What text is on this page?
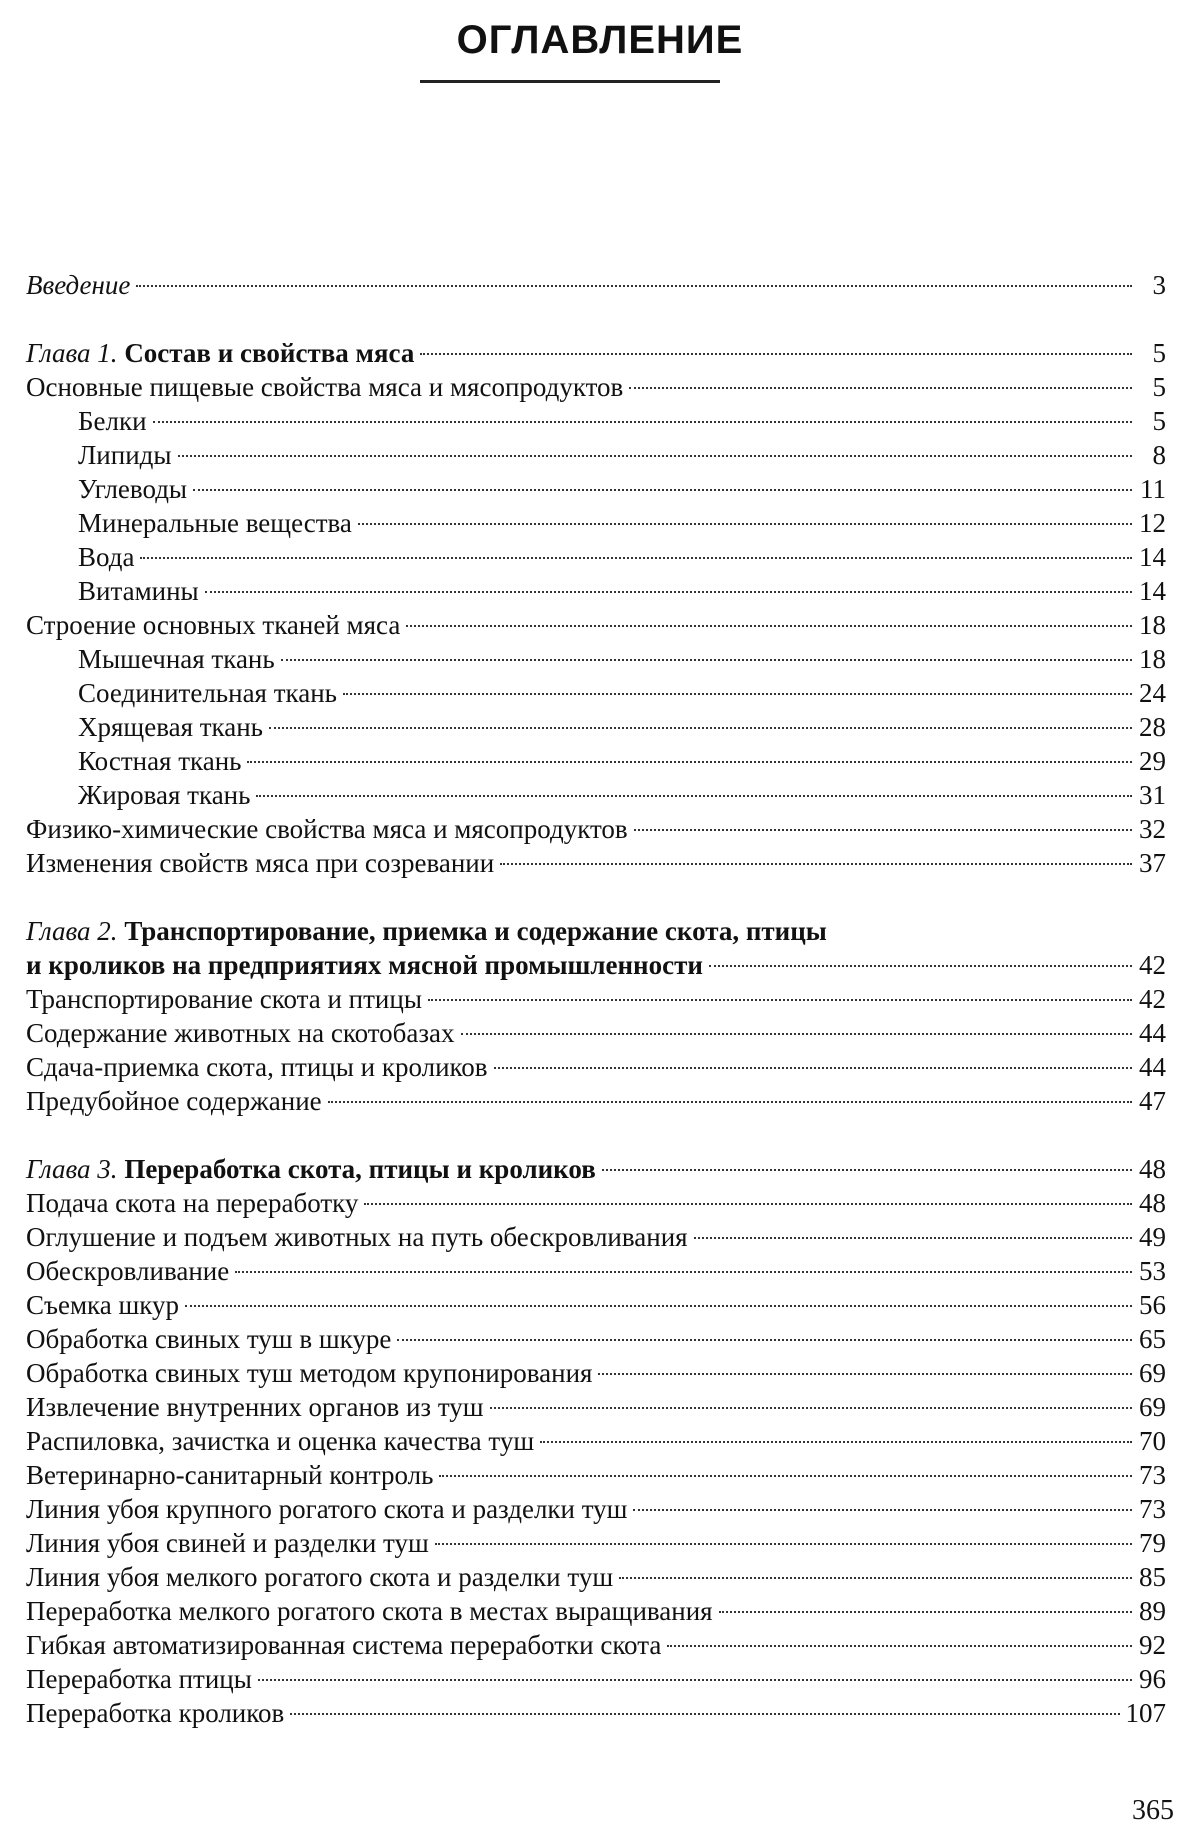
ОГЛАВЛЕНИЕ
Введение	3
Глава 1.
Состав и свойства мяса	5
Основные пищевые свойства мяса и мясопродуктов	5
Белки	5
Липиды	8
Углеводы	11
Минеральные вещества	12
Вода	14
Витамины	14
Строение основных тканей мяса	18
Мышечная ткань	18
Соединительная ткань	24
Хрящевая ткань	28
Костная ткань	29
Жировая ткань	31
Физико-химические свойства мяса и мясопродуктов	32
Изменения свойств мяса при созревании	37
Глава 2.
Транспортирование, приемка и содержание скота, птицы
и кроликов на предприятиях мясной промышленности	42
Транспортирование скота и птицы	42
Содержание животных на скотобазах	44
Сдача-приемка скота, птицы и кроликов	44
Предубойное содержание	47
Глава 3.
Переработка скота, птицы и кроликов	48
Подача скота на переработку	48
Оглушение и подъем животных на путь обескровливания	49
Обескровливание	53
Съемка шкур	56
Обработка свиных туш в шкуре	65
Обработка свиных туш методом крупонирования	69
Извлечение внутренних органов из туш	69
Распиловка, зачистка и оценка качества туш	70
Ветеринарно-санитарный контроль	73
Линия убоя крупного рогатого скота и разделки туш	73
Линия убоя свиней и разделки туш	79
Линия убоя мелкого рогатого скота и разделки туш	85
Переработка мелкого рогатого скота в местах выращивания	89
Гибкая автоматизированная система переработки скота	92
Переработка птицы	96
Переработка кроликов	107
365
